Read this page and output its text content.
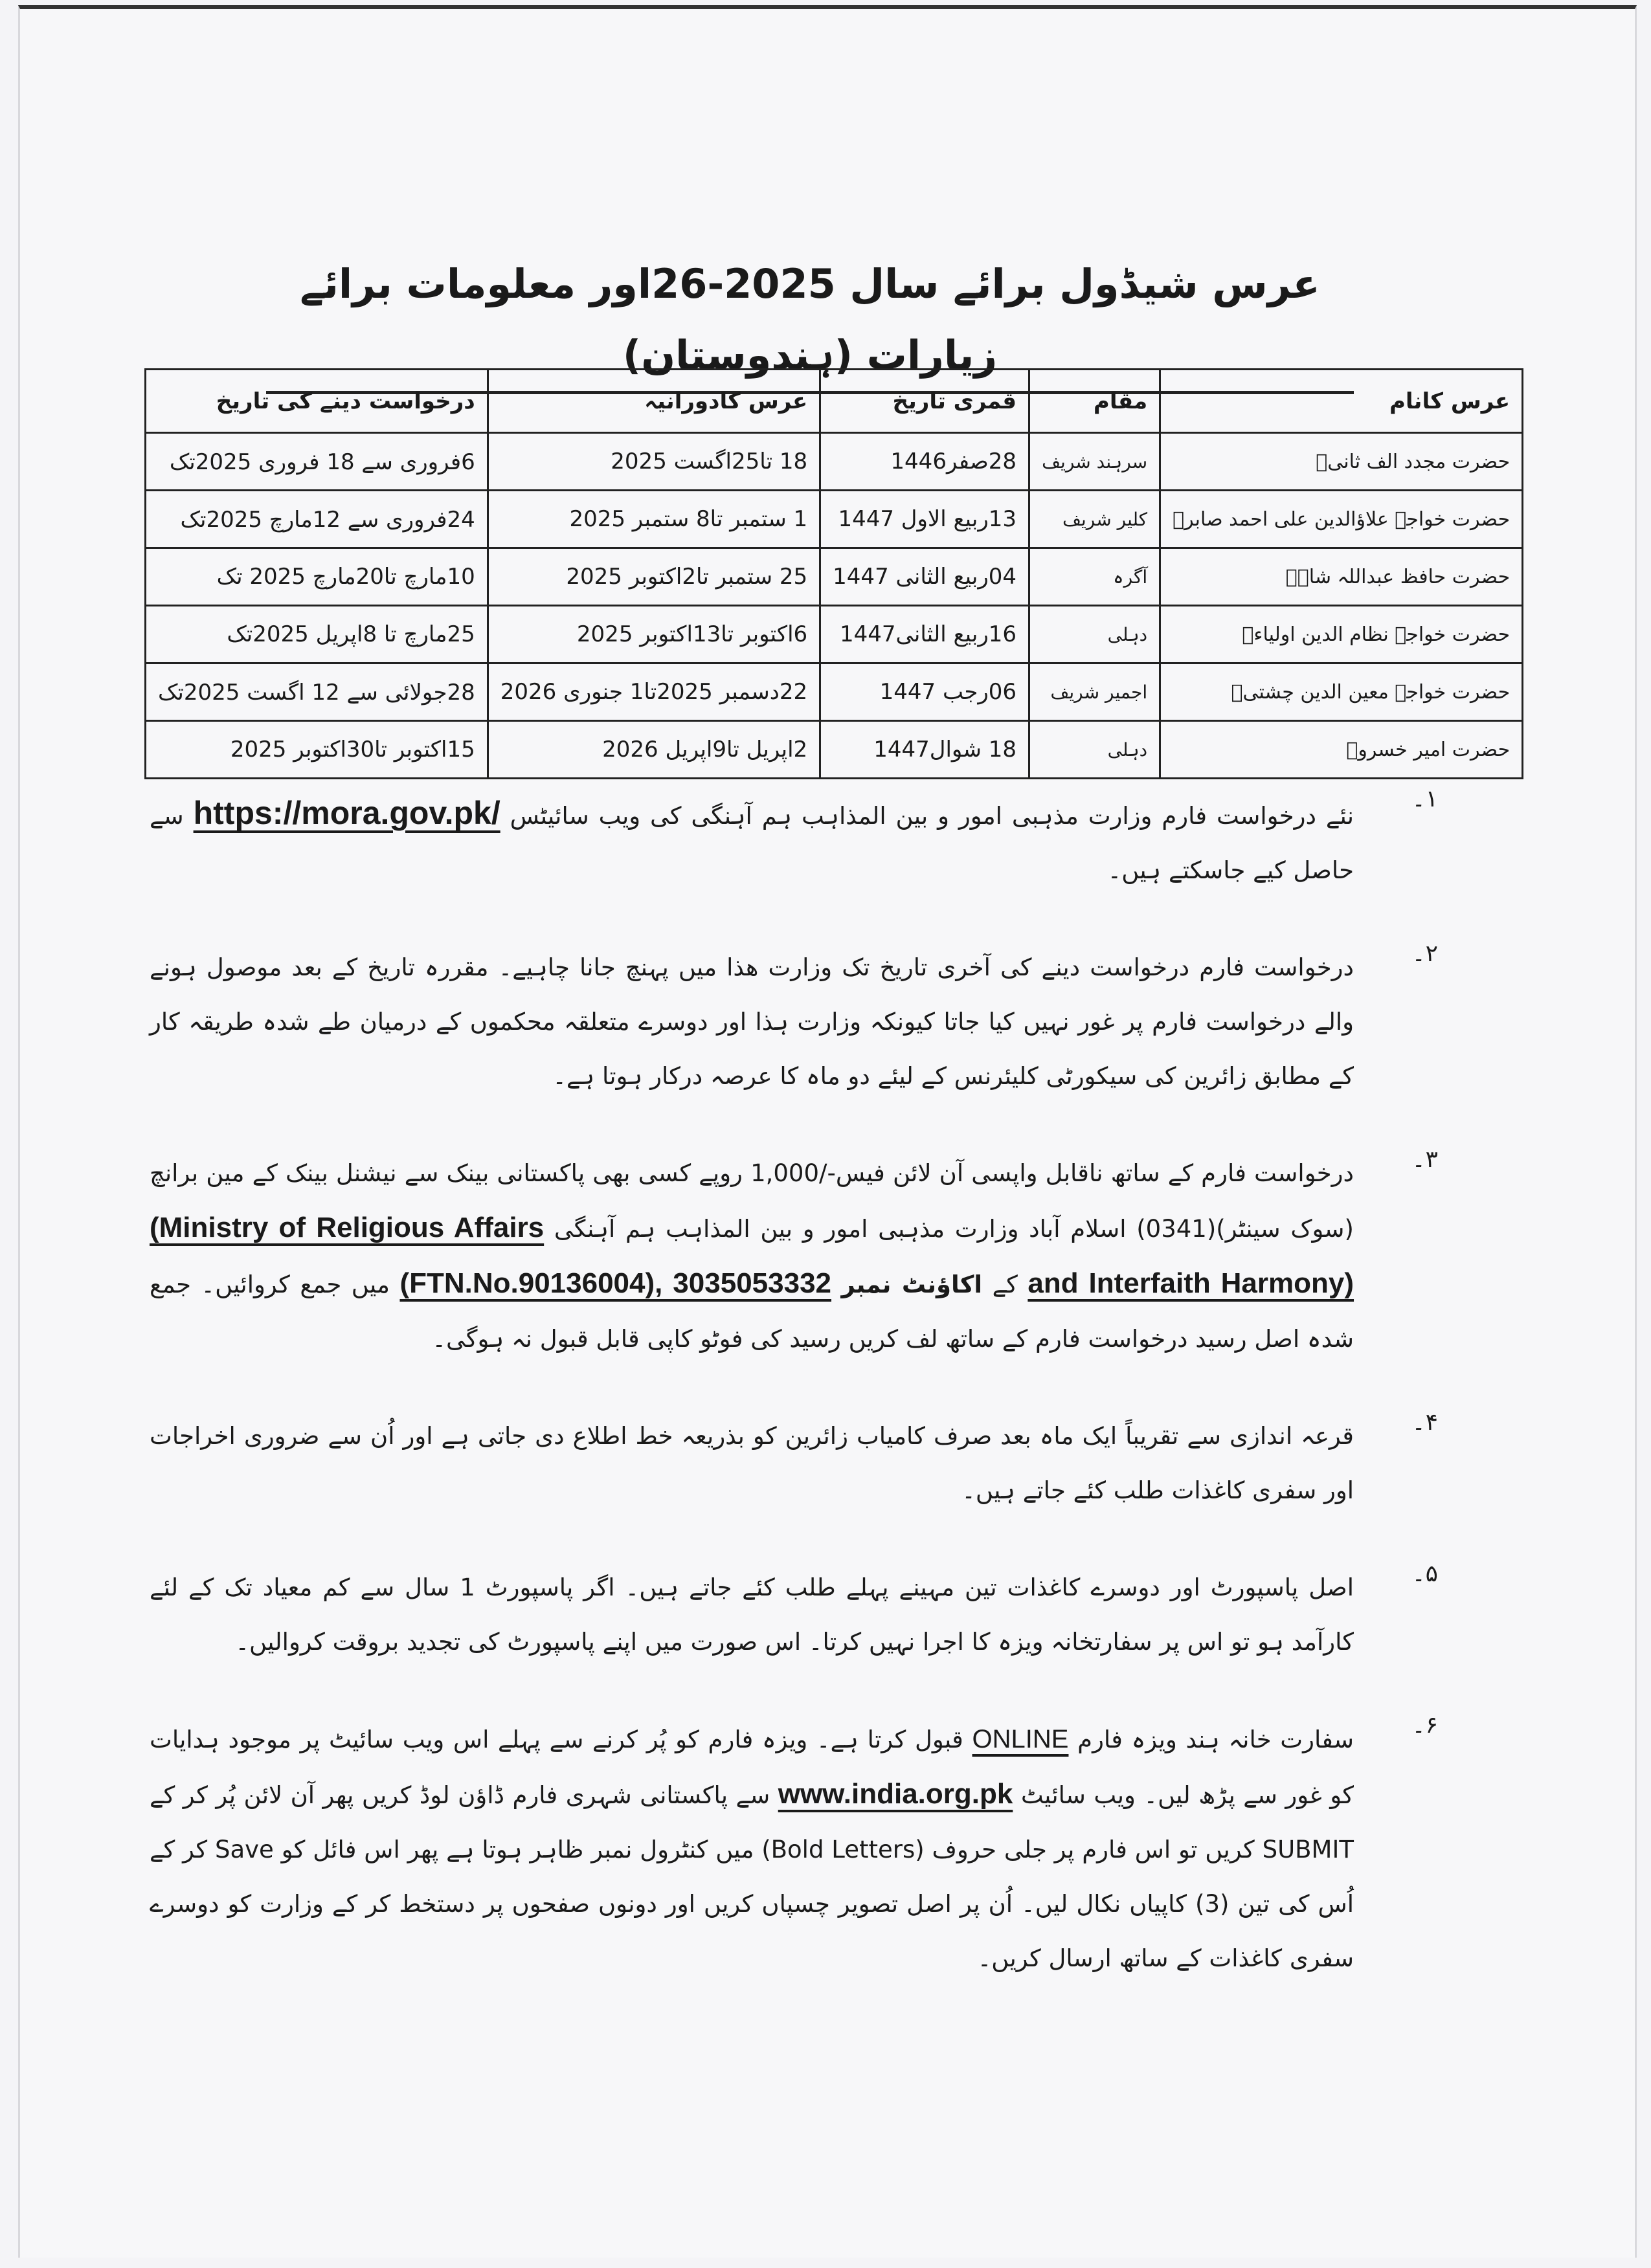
عرس شیڈول برائے سال 2025-26اور معلومات برائے زیارات (ہندوستان)
عرس کانام	مقام	قمری تاریخ	عرس کادورانیہ	درخواست دینے کی تاریخ
حضرت مجدد الف ثانیؒ	سرہند شریف	28صفر1446	18 تا25اگست 2025	6فروری سے 18 فروری 2025تک
حضرت خواجہ علاؤالدین علی احمد صابرؒ	کلیر شریف	13ربیع الاول 1447	1 ستمبر تا8 ستمبر 2025	24فروری سے 12مارچ 2025تک
حضرت حافظ عبداللہ شاہؒ	آگرہ	04ربیع الثانی 1447	25 ستمبر تا2اکتوبر 2025	10مارچ تا20مارچ 2025 تک
حضرت خواجہ نظام الدین اولیاءؒ	دہلی	16ربیع الثانی1447	6اکتوبر تا13اکتوبر 2025	25مارچ تا 8اپریل 2025تک
حضرت خواجہ معین الدین چشتیؒ	اجمیر شریف	06رجب 1447	22دسمبر 2025تا1 جنوری 2026	28جولائی سے 12 اگست 2025تک
حضرت امیر خسروؒ	دہلی	18 شوال1447	2اپریل تا9اپریل 2026	15اکتوبر تا30اکتوبر 2025
۱۔
نئے درخواست فارم وزارت مذہبی امور و بین المذاہب ہم آہنگی کی ویب سائیٹس https://mora.gov.pk/ سے حاصل کیے جاسکتے ہیں۔
۲۔
درخواست فارم درخواست دینے کی آخری تاریخ تک وزارت ھذا میں پہنچ جانا چاہیے۔ مقررہ تاریخ کے بعد موصول ہونے والے درخواست فارم پر غور نہیں کیا جاتا کیونکہ وزارت ہذا اور دوسرے متعلقہ محکموں کے درمیان طے شدہ طریقہ کار کے مطابق زائرین کی سیکورٹی کلیئرنس کے لیئے دو ماہ کا عرصہ درکار ہوتا ہے۔
۳۔
درخواست فارم کے ساتھ ناقابل واپسی آن لائن فیس-/1,000 روپے کسی بھی پاکستانی بینک سے نیشنل بینک کے مین برانچ (سوک سینٹر)(0341) اسلام آباد وزارت مذہبی امور و بین المذاہب ہم آہنگی (Ministry of Religious Affairs and Interfaith Harmony) کے اکاؤنٹ نمبر (FTN.No.90136004), 3035053332 میں جمع کروائیں۔ جمع شدہ اصل رسید درخواست فارم کے ساتھ لف کریں رسید کی فوٹو کاپی قابل قبول نہ ہوگی۔
۴۔
قرعہ اندازی سے تقریباً ایک ماہ بعد صرف کامیاب زائرین کو بذریعہ خط اطلاع دی جاتی ہے اور اُن سے ضروری اخراجات اور سفری کاغذات طلب کئے جاتے ہیں۔
۵۔
اصل پاسپورٹ اور دوسرے کاغذات تین مہینے پہلے طلب کئے جاتے ہیں۔ اگر پاسپورٹ 1 سال سے کم معیاد تک کے لئے کارآمد ہو تو اس پر سفارتخانہ ویزہ کا اجرا نہیں کرتا۔ اس صورت میں اپنے پاسپورٹ کی تجدید بروقت کروالیں۔
۶۔
سفارت خانہ ہند ویزہ فارم ONLINE قبول کرتا ہے۔ ویزہ فارم کو پُر کرنے سے پہلے اس ویب سائیٹ پر موجود ہدایات کو غور سے پڑھ لیں۔ ویب سائیٹ www.india.org.pk سے پاکستانی شہری فارم ڈاؤن لوڈ کریں پھر آن لائن پُر کر کے SUBMIT کریں تو اس فارم پر جلی حروف (Bold Letters) میں کنٹرول نمبر ظاہر ہوتا ہے پھر اس فائل کو Save کر کے اُس کی تین (3) کاپیاں نکال لیں۔ اُن پر اصل تصویر چسپاں کریں اور دونوں صفحوں پر دستخط کر کے وزارت کو دوسرے سفری کاغذات کے ساتھ ارسال کریں۔
